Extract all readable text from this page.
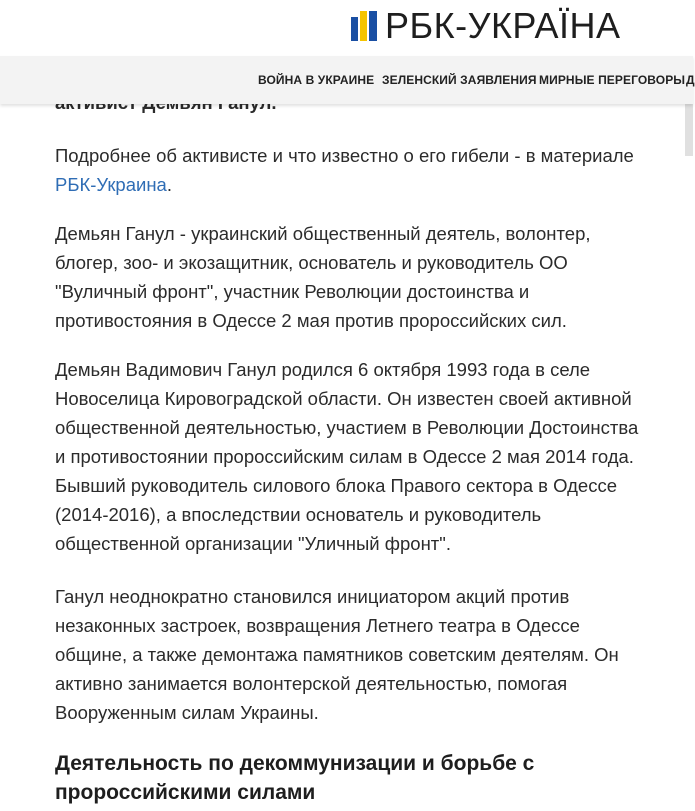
РБК-УКРАЇНА
ВОЙНА В УКРАИНЕ ЗЕЛЕНСКИЙ ЗАЯВЛЕНИЯ МИРНЫЕ ПЕРЕГОВОРЫ Д
Подробнее об активисте и что известно о его гибели - в материале РБК-Украина.
Демьян Ганул - украинский общественный деятель, волонтер, блогер, зоо- и экозащитник, основатель и руководитель ОО "Вуличный фронт", участник Революции достоинства и противостояния в Одессе 2 мая против пророссийских сил.
Демьян Вадимович Ганул родился 6 октября 1993 года в селе Новоселица Кировоградской области. Он известен своей активной общественной деятельностью, участием в Революции Достоинства и противостоянии пророссийским силам в Одессе 2 мая 2014 года. Бывший руководитель силового блока Правого сектора в Одессе (2014-2016), а впоследствии основатель и руководитель общественной организации "Уличный фронт".
Ганул неоднократно становился инициатором акций против незаконных застроек, возвращения Летнего театра в Одессе общине, а также демонтажа памятников советским деятелям. Он активно занимается волонтерской деятельностью, помогая Вооруженным силам Украины.
Деятельность по декоммунизации и борьбе с пророссийскими силами
